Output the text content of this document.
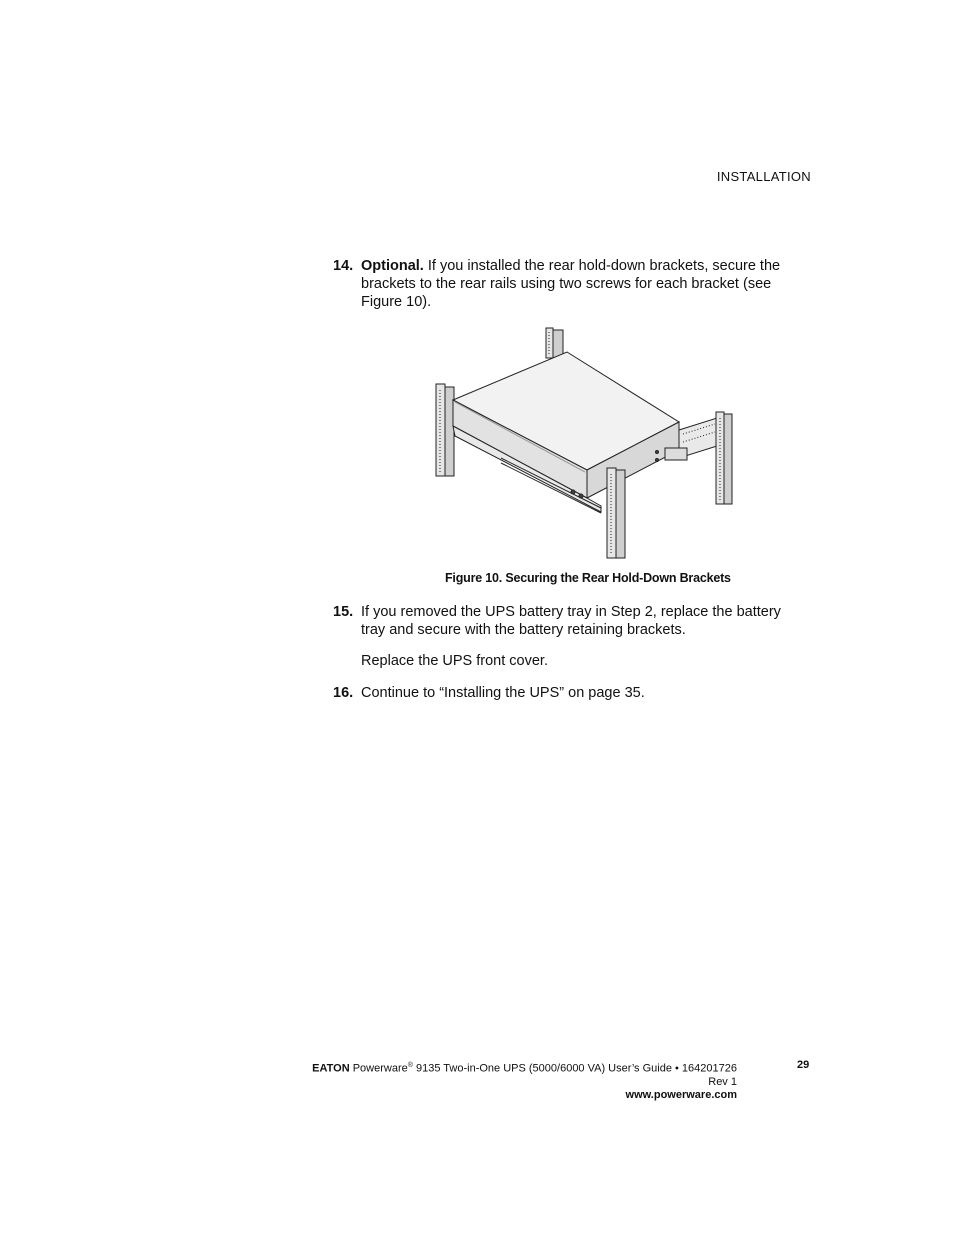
INSTALLATION
14. Optional. If you installed the rear hold-down brackets, secure the brackets to the rear rails using two screws for each bracket (see Figure 10).
Figure 10. Securing the Rear Hold-Down Brackets
15. If you removed the UPS battery tray in Step 2, replace the battery tray and secure with the battery retaining brackets.
Replace the UPS front cover.
16. Continue to “Installing the UPS” on page 35.
EATON Powerware® 9135 Two-in-One UPS (5000/6000 VA) User’s Guide • 164201726 Rev 1
www.powerware.com
29
